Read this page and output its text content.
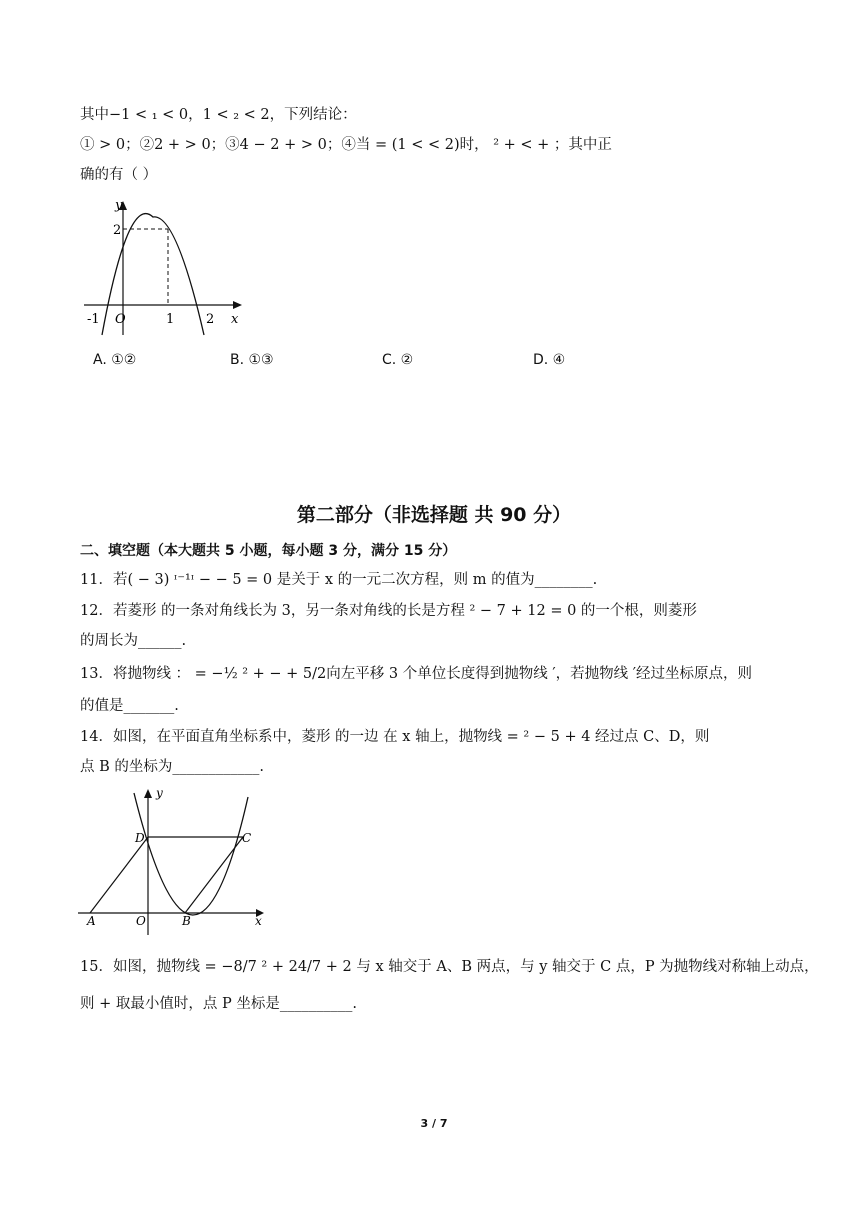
其中−1 < ₁ < 0，1 < ₂ < 2，下列结论：
① > 0；②2 + > 0；③4 − 2 + > 0；④当 = (1 < < 2)时， ² + < + ；其中正
确的有（ ）
y
x
O
-1	1 2
2
A. ①②	B. ①③	C. ②	D. ④
第二部分（非选择题 共 90 分）
二、填空题（本大题共 5 小题，每小题 3 分，满分 15 分）
11．若( − 3) ᶦ⁻¹ᶦ − − 5 = 0 是关于 x 的一元二次方程，则 m 的值为________.
12．若菱形 的一条对角线长为 3，另一条对角线的长是方程 ² − 7 + 12 = 0 的一个根，则菱形
的周长为______.
13．将抛物线 ： = −½ ² + − + 5/2向左平移 3 个单位长度得到抛物线 ′，若抛物线 ′经过坐标原点，则
的值是_______.
14．如图，在平面直角坐标系中，菱形 的一边 在 x 轴上，抛物线 = ² − 5 + 4 经过点 C、D，则
点 B 的坐标为____________.
y
x
O
A	B
C
D
15．如图，抛物线 = −8/7 ² + 24/7 + 2 与 x 轴交于 A、B 两点，与 y 轴交于 C 点，P 为抛物线对称轴上动点，
则 + 取最小值时，点 P 坐标是__________.
3 / 7
